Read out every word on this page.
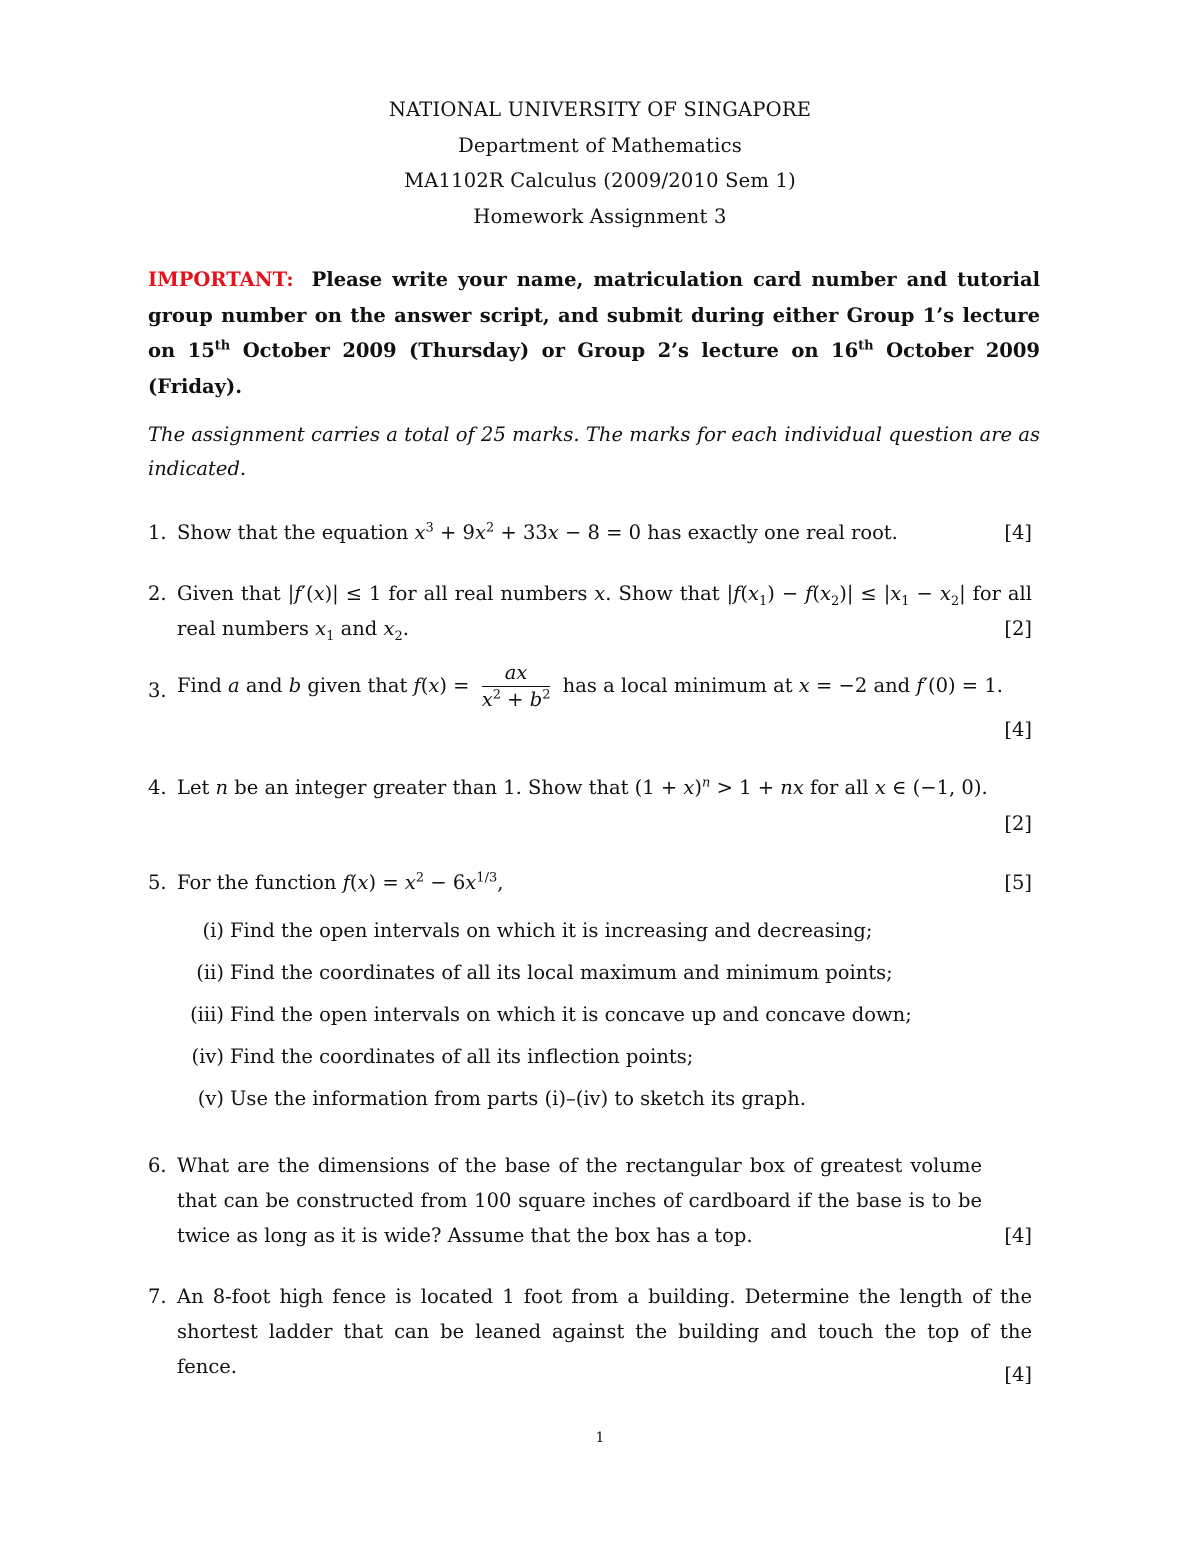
NATIONAL UNIVERSITY OF SINGAPORE
Department of Mathematics
MA1102R Calculus (2009/2010 Sem 1)
Homework Assignment 3
IMPORTANT: Please write your name, matriculation card number and tutorial group number on the answer script, and submit during either Group 1’s lecture on 15th October 2009 (Thursday) or Group 2’s lecture on 16th October 2009 (Friday).
The assignment carries a total of 25 marks. The marks for each individual question are as indicated.
1. Show that the equation $x^3 + 9x^2 + 33x - 8 = 0$ has exactly one real root.	[4]
2. Given that |f′(x)| ≤ 1 for all real numbers x. Show that $|f(x_1) - f(x_2)| \le |x_1 - x_2|$ for all real numbers $x_1$ and $x_2$.	[2]
3. Find a and b given that $f(x) = \frac{ax}{x^2 + b^2}$ has a local minimum at x = −2 and f′(0) = 1.
[4]
4. Let n be an integer greater than 1. Show that $(1 + x)^n > 1$ + nx for all x ∈ (−1, 0).
[2]
5. For the function $f(x) = x^2 - 6x^{1/3}$,	[5]
(i) Find the open intervals on which it is increasing and decreasing;
(ii) Find the coordinates of all its local maximum and minimum points;
(iii) Find the open intervals on which it is concave up and concave down;
(iv) Find the coordinates of all its inflection points;
(v) Use the information from parts (i)–(iv) to sketch its graph.
6. What are the dimensions of the base of the rectangular box of greatest volume that can be constructed from 100 square inches of cardboard if the base is to be twice as long as it is wide? Assume that the box has a top.	[4]
7. An 8-foot high fence is located 1 foot from a building. Determine the length of the shortest ladder that can be leaned against the building and touch the top of the fence.	[4]
1
